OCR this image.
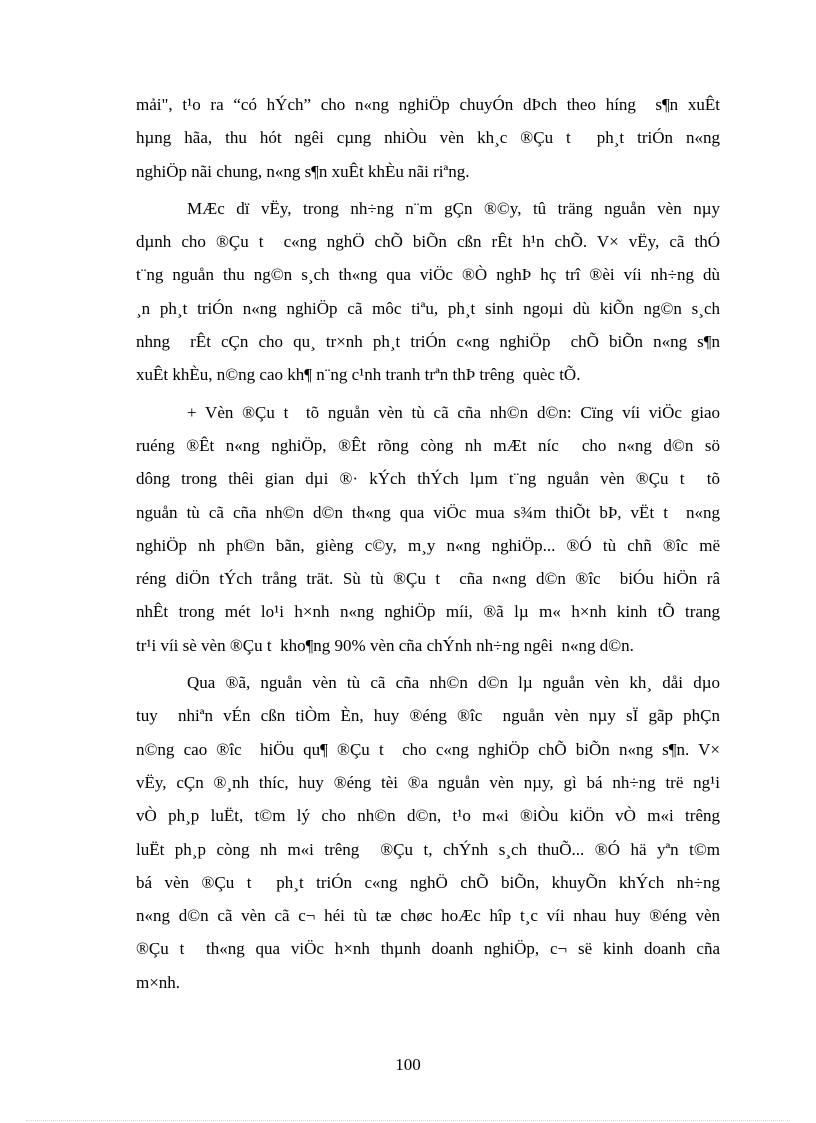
mải", t¹o ra “có hÝch” cho n«ng nghiÖp chuyÓn dÞch theo híng  s¶n xuÊt
hµng hãa, thu hót ngêi cµng nhiÒu vèn kh¸c ®Çu t  ph¸t triÓn n«ng
nghiÖp nãi chung, n«ng s¶n xuÊt khÈu nãi riªng.
MÆc dï vËy, trong nh÷ng n¨m gÇn ®©y, tû träng nguån vèn nµy
dµnh cho ®Çu t  c«ng nghÖ chÕ biÕn cßn rÊt h¹n chÕ. V× vËy, cã thÓ
t¨ng nguån thu ng©n s¸ch th«ng qua viÖc ®Ò nghÞ hç trî ®èi víi nh÷ng dù
¸n ph¸t triÓn n«ng nghiÖp cã môc tiªu, ph¸t sinh ngoµi dù kiÕn ng©n s¸ch
nhng  rÊt cÇn cho qu¸ tr×nh ph¸t triÓn c«ng nghiÖp  chÕ biÕn n«ng s¶n
xuÊt khÈu, n©ng cao kh¶ n¨ng c¹nh tranh trªn thÞ trêng  quèc tÕ.
+ Vèn ®Çu t  tõ nguån vèn tù cã cña nh©n d©n: Cïng víi viÖc giao
ruéng ®Êt n«ng nghiÖp, ®Êt rõng còng nh mÆt níc  cho n«ng d©n sö
dông trong thêi gian dµi ®· kÝch thÝch lµm t¨ng nguån vèn ®Çu t  tõ
nguån tù cã cña nh©n d©n th«ng qua viÖc mua s¾m thiÕt bÞ, vËt t  n«ng
nghiÖp nh ph©n bãn, gièng c©y, m¸y n«ng nghiÖp... ®Ó tù chñ ®îc më
réng diÖn tÝch trång trät. Sù tù ®Çu t  cña n«ng d©n ®îc  biÓu hiÖn râ
nhÊt trong mét lo¹i h×nh n«ng nghiÖp míi, ®ã lµ m« h×nh kinh tÕ trang
tr¹i víi sè vèn ®Çu t  kho¶ng 90% vèn cña chÝnh nh÷ng ngêi  n«ng d©n.
Qua ®ã, nguån vèn tù cã cña nh©n d©n lµ nguån vèn kh¸ dåi dµo
tuy  nhiªn vÉn cßn tiÒm Èn, huy ®éng ®îc  nguån vèn nµy sÏ gãp phÇn
n©ng cao ®îc  hiÖu qu¶ ®Çu t  cho c«ng nghiÖp chÕ biÕn n«ng s¶n. V×
vËy, cÇn ®¸nh thíc, huy ®éng tèi ®a nguån vèn nµy, gì bá nh÷ng trë ng¹i
vÒ ph¸p luËt, t©m lý cho nh©n d©n, t¹o m«i ®iÒu kiÖn vÒ m«i trêng
luËt ph¸p còng nh m«i trêng  ®Çu t, chÝnh s¸ch thuÕ... ®Ó hä yªn t©m
bá vèn ®Çu t  ph¸t triÓn c«ng nghÖ chÕ biÕn, khuyÕn khÝch nh÷ng
n«ng d©n cã vèn cã c¬ héi tù tæ chøc hoÆc hîp t¸c víi nhau huy ®éng vèn
®Çu t  th«ng qua viÖc h×nh thµnh doanh nghiÖp, c¬ së kinh doanh cña
m×nh.
100
